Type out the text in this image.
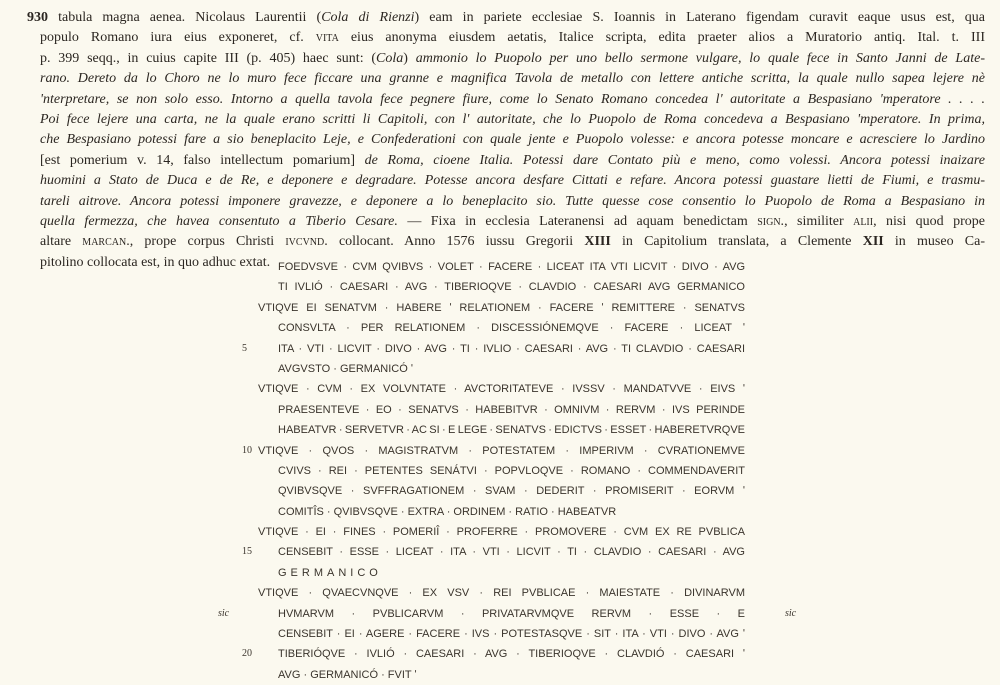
930 tabula magna aenea. Nicolaus Laurentii (Cola di Rienzi) eam in pariete ecclesiae S. Ioannis in Laterano figendam curavit eaque usus est, qua
populo Romano iura eius exponeret, cf. vita eius anonyma eiusdem aetatis, Italice scripta, edita praeter alios a Muratorio antiq. Ital. t. III
p. 399 seqq., in cuius capite III (p. 405) haec sunt: (Cola) ammonio lo Puopolo per uno bello sermone vulgare, lo quale fece in Santo Janni de Late-
rano. Dereto da lo Choro ne lo muro fece ficcare una granne e magnifica Tavola de metallo con lettere antiche scritta, la quale nullo sapea lejere nè
'nterpretare, se non solo esso. Intorno a quella tavola fece pegnere fiure, come lo Senato Romano concedea l' autoritate a Bespasiano 'mperatore . . . .
Poi fece lejere una carta, ne la quale erano scritti li Capitoli, con l' autoritate, che lo Puopolo de Roma concedeva a Bespasiano 'mperatore. In prima,
che Bespasiano potessi fare a sio beneplacito Leje, e Confederationi con quale jente e Puopolo volesse: e ancora potesse moncare e acresciere lo Jardino
[est pomerium v. 14, falso intellectum pomarium] de Roma, cioene Italia. Potessi dare Contato più e meno, como volessi. Ancora potessi inaizare
huomini a Stato de Duca e de Re, e deponere e degradare. Potesse ancora desfare Cittati e refare. Ancora potessi guastare lietti de Fiumi, e trasmu-
tareli aitrove. Ancora potessi imponere gravezze, e deponere a lo beneplacito sio. Tutte quesse cose consentio lo Puopolo de Roma a Bespasiano in
quella fermezza, che havea consentuto a Tiberio Cesare. — Fixa in ecclesia Lateranensi ad aquam benedictam sign., similiter alii, nisi quod prope
altare marcan., prope corpus Christi ivcvnd. collocant. Anno 1576 iussu Gregorii XIII in Capitolium translata, a Clemente XII in museo Ca-
pitolino collocata est, in quo adhuc extat. FOEDVSVE · CVM QVIBVS · VOLET · FACERE · LICEAT ITA VTI LICVIT · DIVO · AVG
TI IVLIÓ · CAESARI · AVG · TIBERIOQVE · CLAVDIO · CAESARI AVG GERMANICO
VTIQVE EI SENATVM · HABERE ʹ RELATIONEM · FACERE ʹ REMITTERE · SENATVS
CONSVLTA · PER RELATIONEM · DISCESSIÓNEMQVE · FACERE · LICEAT ʹ
5	ITA · VTI · LICVIT · DIVO · AVG · TI · IVLIO · CAESARI · AVG · TI CLAVDIO · CAESARI
AVGVSTO · GERMANICÓ ʹ
VTIQVE · CVM · EX VOLVNTATE · AVCTORITATEVE · IVSSV · MANDATVVE · EIVS ʹ
PRAESENTEVE · EO · SENATVS · HABEBITVR · OMNIVM · RERVM · IVS PERINDE
HABEATVR · SERVETVR · AC SI · E LEGE · SENATVS · EDICTVS · ESSET · HABERETVRQVE
10 VTIQVE · QVOS · MAGISTRATVM · POTESTATEM · IMPERIVM · CVRATIONEMVE
CVIVS · REI · PETENTES SENÁTVI · POPVLOQVE · ROMANO · COMMENDAVERIT
QVIBVSQVE · SVFFRAGATIONEM · SVAM · DEDERIT · PROMISERIT · EORVM ʹ
COMITÎS · QVIBVSQVE · EXTRA · ORDINEM · RATIO · HABEATVR
VTIQVE · EI · FINES · POMERIÎ · PROFERRE · PROMOVERE · CVM EX RE PVBLICA
15 CENSEBIT · ESSE · LICEAT · ITA · VTI · LICVIT · TI · CLAVDIO · CAESARI · AVG
GERMANICO
VTIQVE · QVAECVNQVE · EX VSV · REI PVBLICAE · MAIESTATE · DIVINARVM
HVMARVM · PVBLICARVM · PRIVATARVMQVE RERVM · ESSE · E
sic	sic
CENSEBIT · EI · AGERE · FACERE · IVS · POTESTASQVE · SIT · ITA · VTI · DIVO · AVG ʹ
20 TIBERIÓQVE · IVLIÓ · CAESARI · AVG · TIBERIOQVE · CLAVDIÓ · CAESARI ʹ
AVG · GERMANICÓ · FVIT ʹ
